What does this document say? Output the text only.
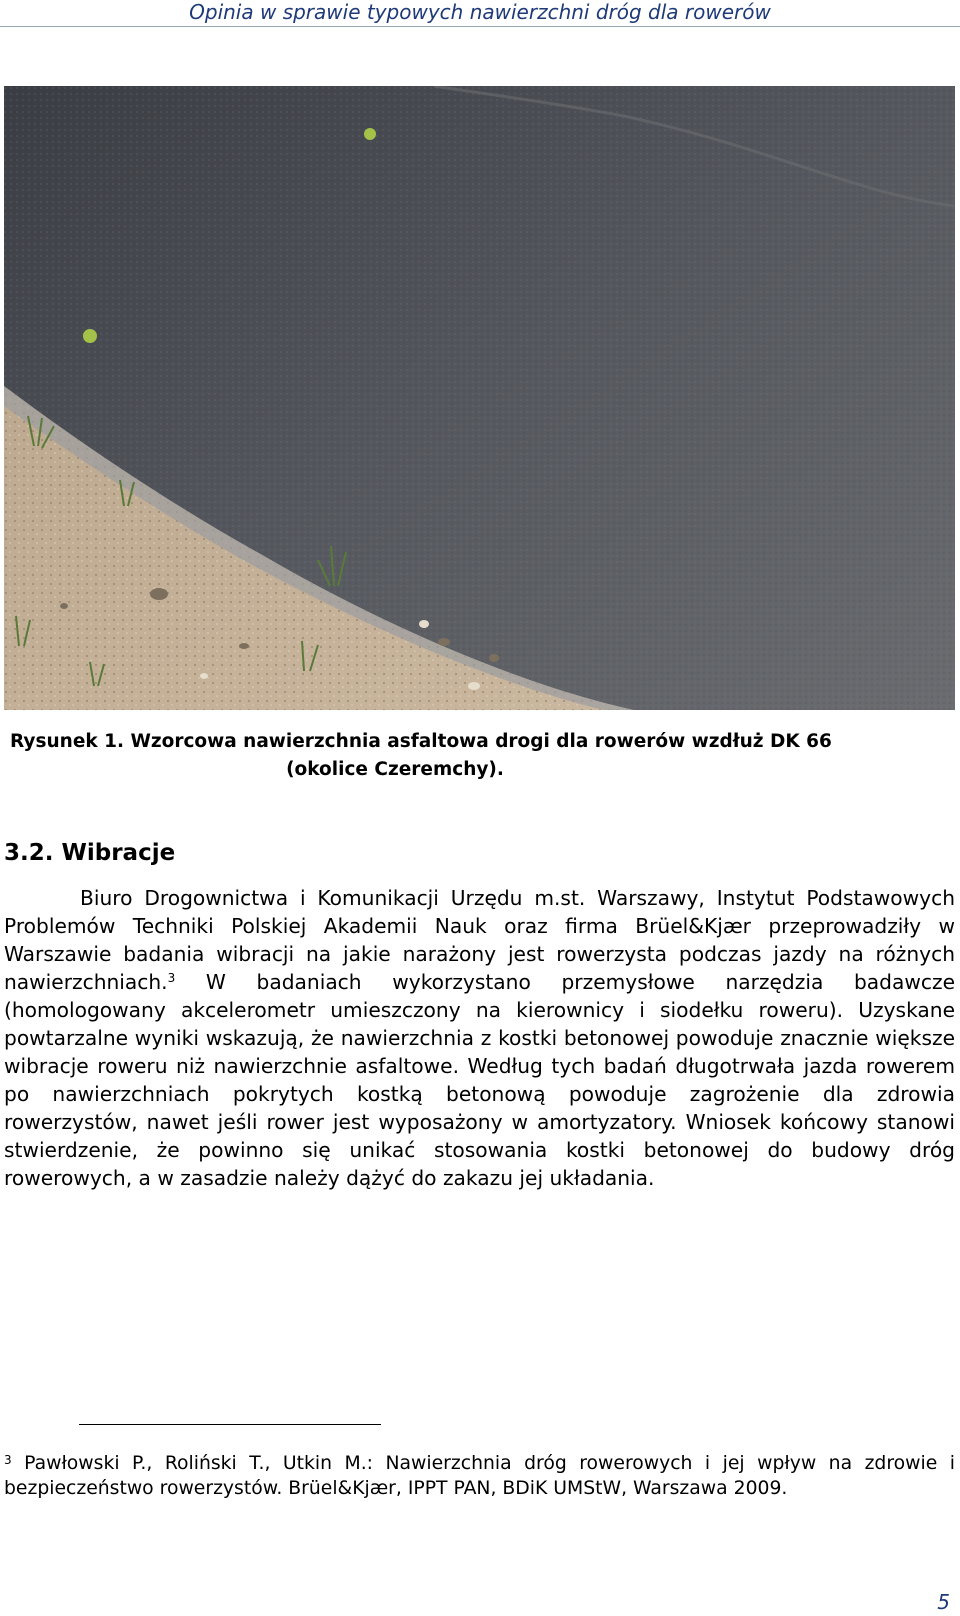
Opinia w sprawie typowych nawierzchni dróg dla rowerów
Rysunek 1. Wzorcowa nawierzchnia asfaltowa drogi dla rowerów wzdłuż DK 66
(okolice Czeremchy).
3.2. Wibracje

Biuro Drogownictwa i Komunikacji Urzędu m.st. Warszawy, Instytut Podstawowych Problemów Techniki Polskiej Akademii Nauk oraz firma Brüel&Kjær przeprowadziły w Warszawie badania wibracji na jakie narażony jest rowerzysta podczas jazdy na różnych nawierzchniach.$^3$ W badaniach wykorzystano przemysłowe narzędzia badawcze (homologowany akcelerometr umieszczony na kierownicy i siodełku roweru). Uzyskane powtarzalne wyniki wskazują, że nawierzchnia z kostki betonowej powoduje znacznie większe wibracje roweru niż nawierzchnie asfaltowe. Według tych badań długotrwała jazda rowerem po nawierzchniach pokrytych kostką betonową powoduje zagrożenie dla zdrowia rowerzystów, nawet jeśli rower jest wyposażony w amortyzatory. Wniosek końcowy stanowi stwierdzenie, że powinno się unikać stosowania kostki betonowej do budowy dróg rowerowych, a w zasadzie należy dążyć do zakazu jej układania.

$^3$ Pawłowski P., Roliński T., Utkin M.: Nawierzchnia dróg rowerowych i jej wpływ na zdrowie i bezpieczeństwo rowerzystów. Brüel&Kjær, IPPT PAN, BDiK UMStW, Warszawa 2009.
5
